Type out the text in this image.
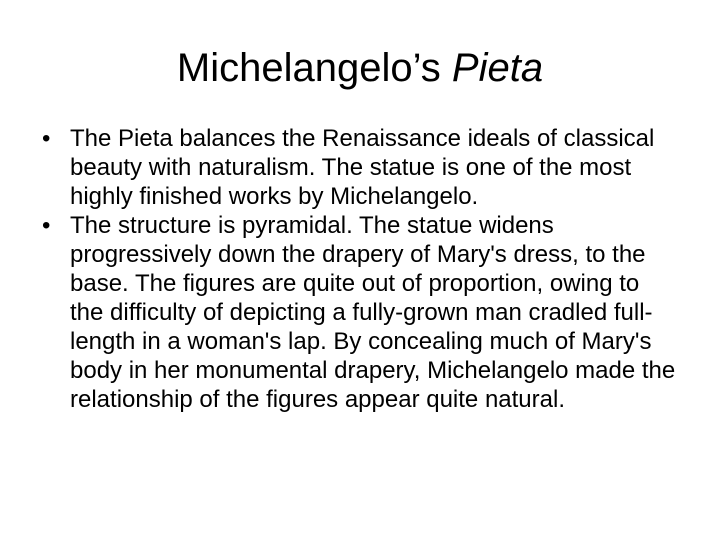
Michelangelo’s Pieta
• The Pieta balances the Renaissance ideals of classical beauty with naturalism. The statue is one of the most highly finished works by Michelangelo.
• The structure is pyramidal. The statue widens progressively down the drapery of Mary's dress, to the base. The figures are quite out of proportion, owing to the difficulty of depicting a fully-grown man cradled full-length in a woman's lap. By concealing much of Mary's body in her monumental drapery, Michelangelo made the relationship of the figures appear quite natural.
